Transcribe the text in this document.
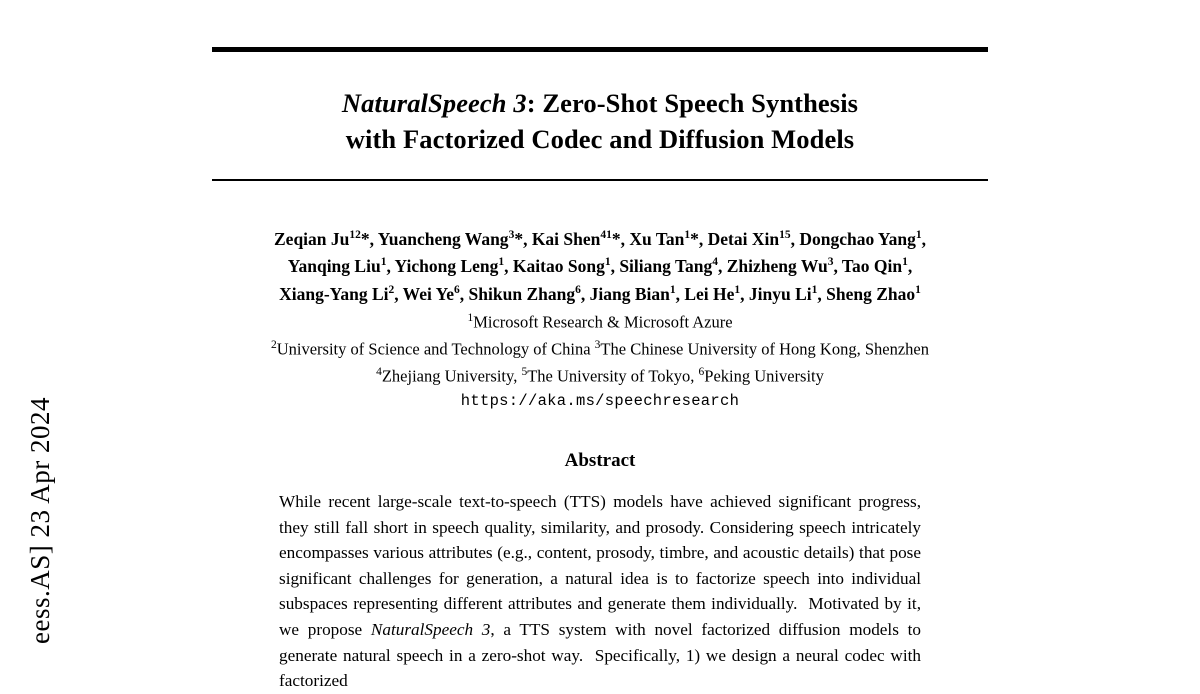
eess.AS] 23 Apr 2024
NaturalSpeech 3: Zero-Shot Speech Synthesis
with Factorized Codec and Diffusion Models
Zeqian Ju$^{12}$*, Yuancheng Wang$^3$*, Kai Shen$^{41}$*, Xu Tan$^1$*, Detai Xin$^{15}$, Dongchao Yang$^1$,
Yanqing Liu$^1$, Yichong Leng$^1$, Kaitao Song$^1$, Siliang Tang$^4$, Zhizheng Wu$^3$, Tao Qin$^1$,
Xiang-Yang Li$^2$, Wei Ye$^6$, Shikun Zhang$^6$, Jiang Bian$^1$, Lei He$^1$, Jinyu Li$^1$, Sheng Zhao$^1$
$^1$Microsoft Research & Microsoft Azure
$^2$University of Science and Technology of China $^3$The Chinese University of Hong Kong, Shenzhen
$^4$Zhejiang University, $^5$The University of Tokyo, $^6$Peking University
https://aka.ms/speechresearch
Abstract

While recent large-scale text-to-speech (TTS) models have achieved significant progress, they still fall short in speech quality, similarity, and prosody. Considering speech intricately encompasses various attributes (e.g., content, prosody, timbre, and acoustic details) that pose significant challenges for generation, a natural idea is to factorize speech into individual subspaces representing different attributes and generate them individually.  Motivated by it, we propose NaturalSpeech 3, a TTS system with novel factorized diffusion models to generate natural speech in a zero-shot way.  Specifically, 1) we design a neural codec with factorized
